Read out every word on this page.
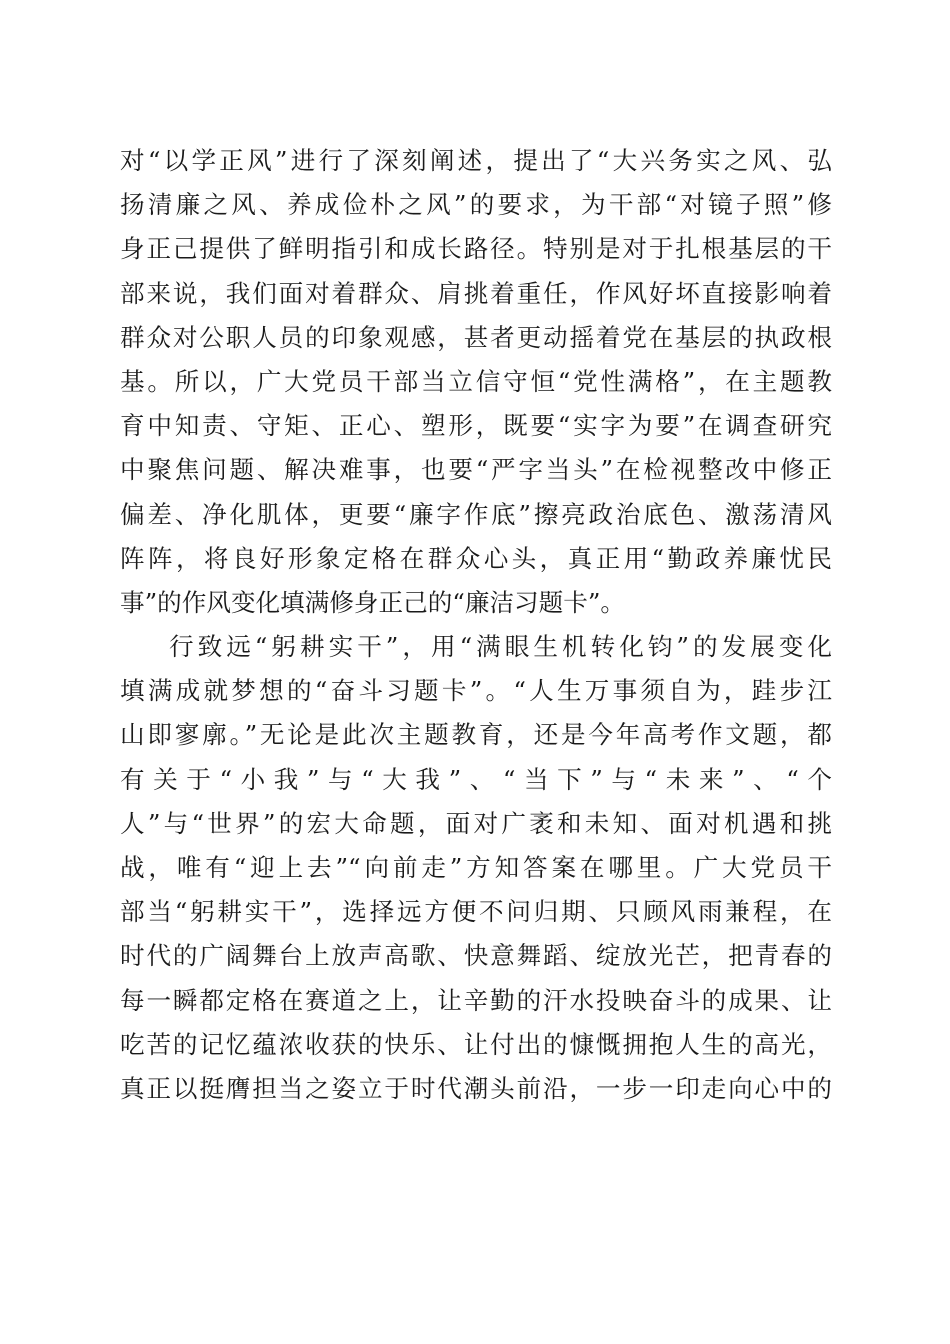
对“以学正风”进行了深刻阐述，提出了“大兴务实之风、弘
扬清廉之风、养成俭朴之风”的要求，为干部“对镜子照”修
身正己提供了鲜明指引和成长路径。特别是对于扎根基层的干
部来说，我们面对着群众、肩挑着重任，作风好坏直接影响着
群众对公职人员的印象观感，甚者更动摇着党在基层的执政根
基。所以，广大党员干部当立信守恒“党性满格”，在主题教
育中知责、守矩、正心、塑形，既要“实字为要”在调查研究
中聚焦问题、解决难事，也要“严字当头”在检视整改中修正
偏差、净化肌体，更要“廉字作底”擦亮政治底色、激荡清风
阵阵，将良好形象定格在群众心头，真正用“勤政养廉忧民
事”的作风变化填满修身正己的“廉洁习题卡”。
行致远“躬耕实干”，用“满眼生机转化钧”的发展变化
填满成就梦想的“奋斗习题卡”。“人生万事须自为，跬步江
山即寥廓。”无论是此次主题教育，还是今年高考作文题，都
有关于“小我”与“大我”、“当下”与“未来”、“个
人”与“世界”的宏大命题，面对广袤和未知、面对机遇和挑
战，唯有“迎上去”“向前走”方知答案在哪里。广大党员干
部当“躬耕实干”，选择远方便不问归期、只顾风雨兼程，在
时代的广阔舞台上放声高歌、快意舞蹈、绽放光芒，把青春的
每一瞬都定格在赛道之上，让辛勤的汗水投映奋斗的成果、让
吃苦的记忆蕴浓收获的快乐、让付出的慷慨拥抱人生的高光，
真正以挺膺担当之姿立于时代潮头前沿，一步一印走向心中的
